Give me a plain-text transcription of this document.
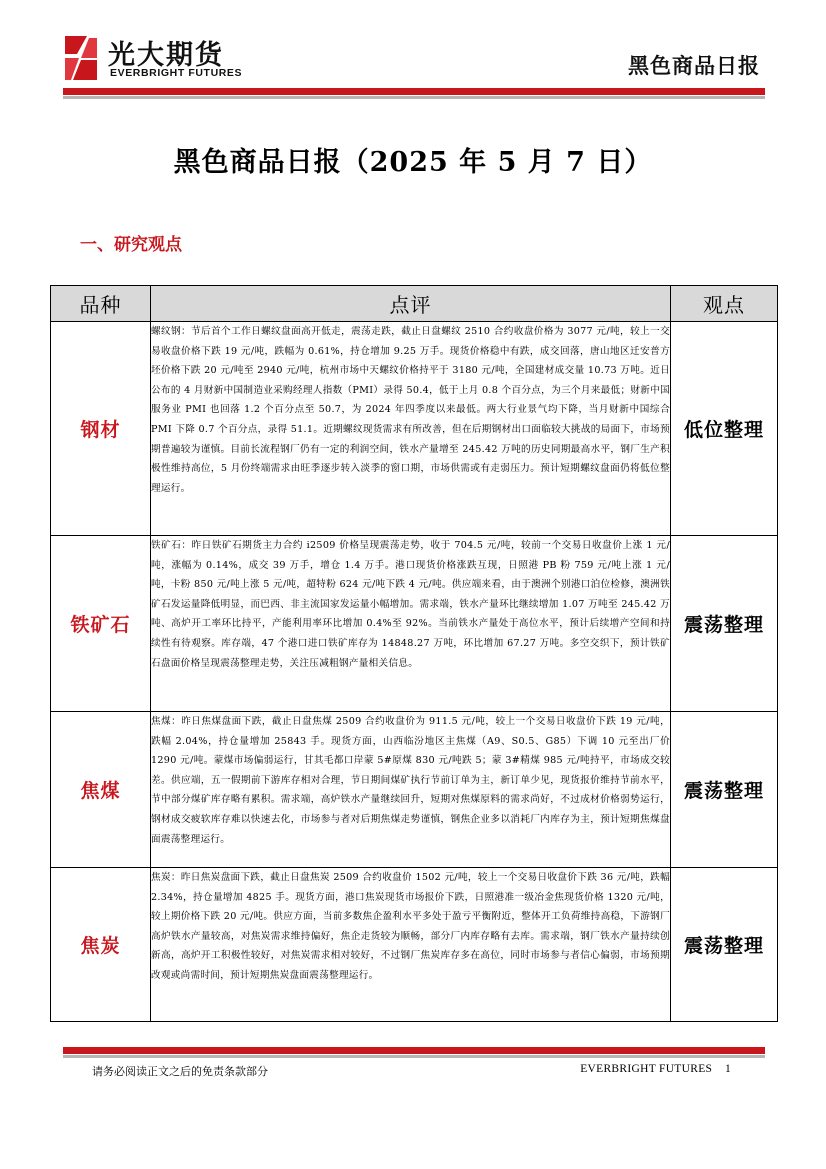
光大期货
EVERBRIGHT FUTURES	黑色商品日报
黑色商品日报（2025 年 5 月 7 日）
一、研究观点
品种	点评	观点
钢材	螺纹钢：节后首个工作日螺纹盘面高开低走，震荡走跌，截止日盘螺纹 2510 合约收盘价格为 3077 元/吨，较上一交易收盘价格下跌 19 元/吨，跌幅为 0.61%，持仓增加 9.25 万手。现货价格稳中有跌，成交回落，唐山地区迁安普方坯价格下跌 20 元/吨至 2940 元/吨，杭州市场中天螺纹价格持平于 3180 元/吨，全国建材成交量 10.73 万吨。近日公布的 4 月财新中国制造业采购经理人指数（PMI）录得 50.4，低于上月 0.8 个百分点，为三个月来最低；财新中国服务业 PMI 也回落 1.2 个百分点至 50.7，为 2024 年四季度以来最低。两大行业景气均下降，当月财新中国综合 PMI 下降 0.7 个百分点，录得 51.1。近期螺纹现货需求有所改善，但在后期钢材出口面临较大挑战的局面下，市场预期普遍较为谨慎。目前长流程钢厂仍有一定的利润空间，铁水产量增至 245.42 万吨的历史同期最高水平，钢厂生产积极性维持高位，5 月份终端需求由旺季逐步转入淡季的窗口期，市场供需或有走弱压力。预计短期螺纹盘面仍将低位整理运行。	低位整理
铁矿石	铁矿石：昨日铁矿石期货主力合约 i2509 价格呈现震荡走势，收于 704.5 元/吨，较前一个交易日收盘价上涨 1 元/吨，涨幅为 0.14%，成交 39 万手，增仓 1.4 万手。港口现货价格涨跌互现，日照港 PB 粉 759 元/吨上涨 1 元/吨，卡粉 850 元/吨上涨 5 元/吨，超特粉 624 元/吨下跌 4 元/吨。供应端来看，由于澳洲个别港口泊位检修，澳洲铁矿石发运量降低明显，而巴西、非主流国家发运量小幅增加。需求端，铁水产量环比继续增加 1.07 万吨至 245.42 万吨、高炉开工率环比持平，产能利用率环比增加 0.4%至 92%。当前铁水产量处于高位水平，预计后续增产空间和持续性有待观察。库存端，47 个港口进口铁矿库存为 14848.27 万吨，环比增加 67.27 万吨。多空交织下，预计铁矿石盘面价格呈现震荡整理走势，关注压减粗钢产量相关信息。	震荡整理
焦煤	焦煤：昨日焦煤盘面下跌，截止日盘焦煤 2509 合约收盘价为 911.5 元/吨，较上一个交易日收盘价下跌 19 元/吨，跌幅 2.04%，持仓量增加 25843 手。现货方面，山西临汾地区主焦煤（A9、S0.5、G85）下调 10 元至出厂价 1290 元/吨。蒙煤市场偏弱运行，甘其毛都口岸蒙 5#原煤 830 元/吨跌 5；蒙 3#精煤 985 元/吨持平，市场成交较差。供应端，五一假期前下游库存相对合理，节日期间煤矿执行节前订单为主，新订单少见，现货报价维持节前水平，节中部分煤矿库存略有累积。需求端，高炉铁水产量继续回升，短期对焦煤原料的需求尚好，不过成材价格弱势运行，钢材成交疲软库存难以快速去化，市场参与者对后期焦煤走势谨慎，钢焦企业多以消耗厂内库存为主，预计短期焦煤盘面震荡整理运行。	震荡整理
焦炭	焦炭：昨日焦炭盘面下跌，截止日盘焦炭 2509 合约收盘价 1502 元/吨，较上一个交易日收盘价下跌 36 元/吨，跌幅 2.34%，持仓量增加 4825 手。现货方面，港口焦炭现货市场报价下跌，日照港准一级冶金焦现货价格 1320 元/吨，较上期价格下跌 20 元/吨。供应方面，当前多数焦企盈利水平多处于盈亏平衡附近，整体开工负荷维持高稳，下游钢厂高炉铁水产量较高，对焦炭需求维持偏好，焦企走货较为顺畅，部分厂内库存略有去库。需求端，钢厂铁水产量持续创新高，高炉开工积极性较好，对焦炭需求相对较好，不过钢厂焦炭库存多在高位，同时市场参与者信心偏弱，市场预期改观或尚需时间，预计短期焦炭盘面震荡整理运行。	震荡整理
请务必阅读正文之后的免责条款部分	EVERBRIGHT FUTURES 1
